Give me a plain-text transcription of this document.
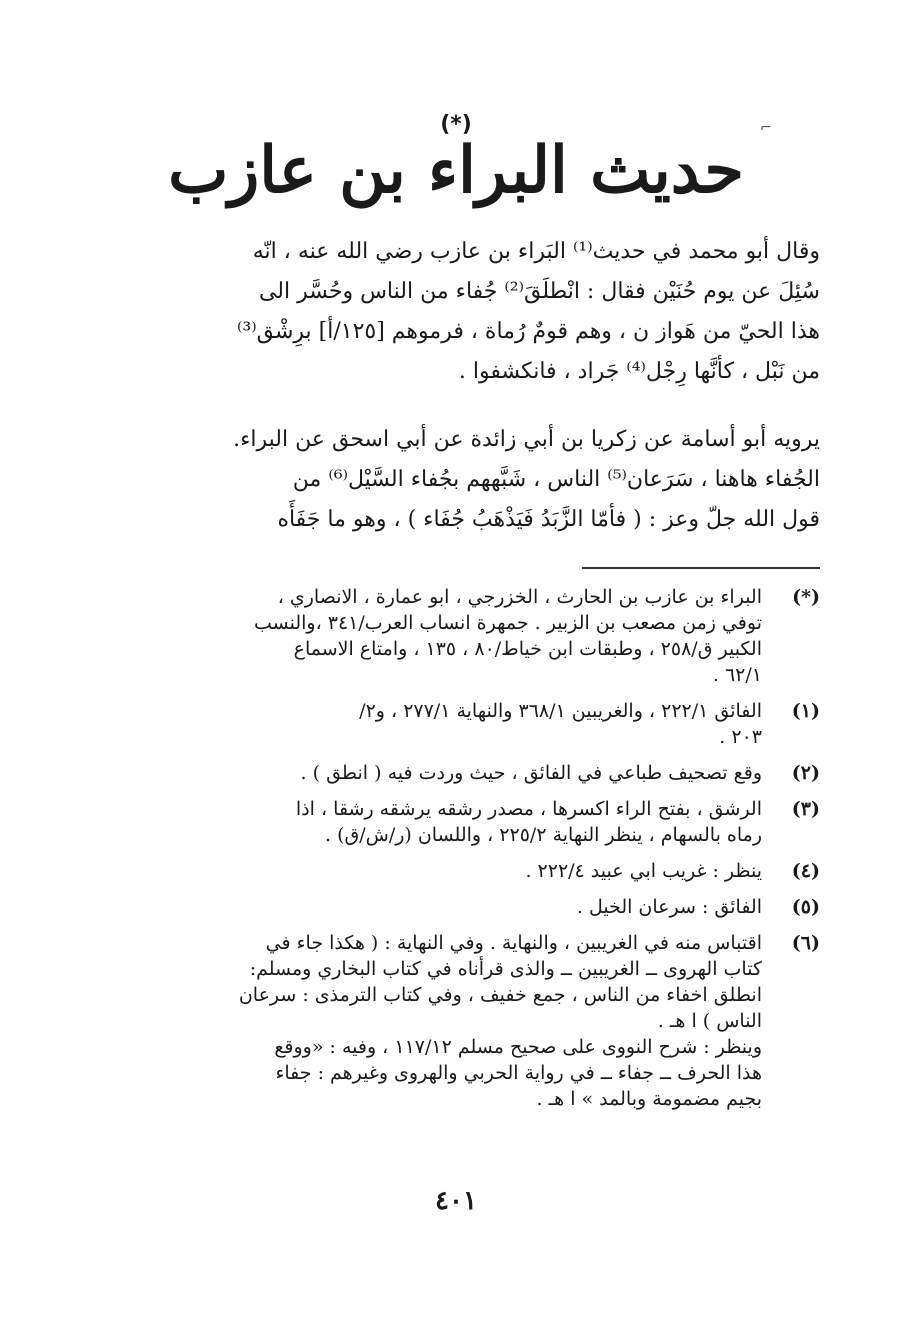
⌐
(*)
حديث البراء بن عازب
وقال أبو محمد في حديث⁽¹⁾ البَراء بن عازب رضي الله عنه ، انّه
سُئِلَ عن يوم حُنَيْن فقال : انْطلَقَ⁽²⁾ جُفاء من الناس وحُسَّر الى
هذا الحيّ من هَواز ن ، وهم قومٌ رُماة ، فرموهم [١٢٥/أ] برِشْق⁽³⁾
من نَبْل ، كأنَّها رِجْل⁽⁴⁾ جَراد ، فانكشفوا .
يرويه أبو أسامة عن زكريا بن أبي زائدة عن أبي اسحق عن البراء.
الجُفاء هاهنا ، سَرَعان⁽⁵⁾ الناس ، شَبَّههم بجُفاء السَّيْل⁽⁶⁾ من
قول الله جلّ وعز : ( فأمّا الزَّبَدُ فَيَذْهَبُ جُفَاء ) ، وهو ما جَفَأَه
(*)
البراء بن عازب بن الحارث ، الخزرجي ، ابو عمارة ، الانصاري ،
توفي زمن مصعب بن الزبير . جمهرة انساب العرب/٣٤١ ،والنسب
الكبير ق/٢٥٨ ، وطبقات ابن خياط/٨٠ ، ١٣٥ ، وامتاع الاسماع
٦٢/١ .
(١)
الفائق ٢٢٢/١ ، والغريبين ٣٦٨/١ والنهاية ٢٧٧/١ ، و٢/
٢٠٣ .
(٢)
وقع تصحيف طباعي في الفائق ، حيث وردت فيه ( انطق ) .
(٣)
الرشق ، بفتح الراء اكسرها ، مصدر رشقه يرشقه رشقا ، اذا
رماه بالسهام ، ينظر النهاية ٢٢٥/٢ ، واللسان (ر/ش/ق) .
(٤)
ينظر : غريب ابي عبيد ٢٢٢/٤ .
(٥)
الفائق : سرعان الخيل .
(٦)
اقتباس منه في الغريبين ، والنهاية . وفي النهاية : ( هكذا جاء في
كتاب الهروى ــ الغريبين ــ والذى قرأناه في كتاب البخاري ومسلم:
انطلق اخفاء من الناس ، جمع خفيف ، وفي كتاب الترمذى : سرعان
الناس ) ا هـ .
وينظر : شرح النووى على صحيح مسلم ١١٧/١٢ ، وفيه : «ووقع
هذا الحرف ــ جفاء ــ في رواية الحربي والهروى وغيرهم : جفاء
بجيم مضمومة وبالمد » ا هـ .
٤٠١
